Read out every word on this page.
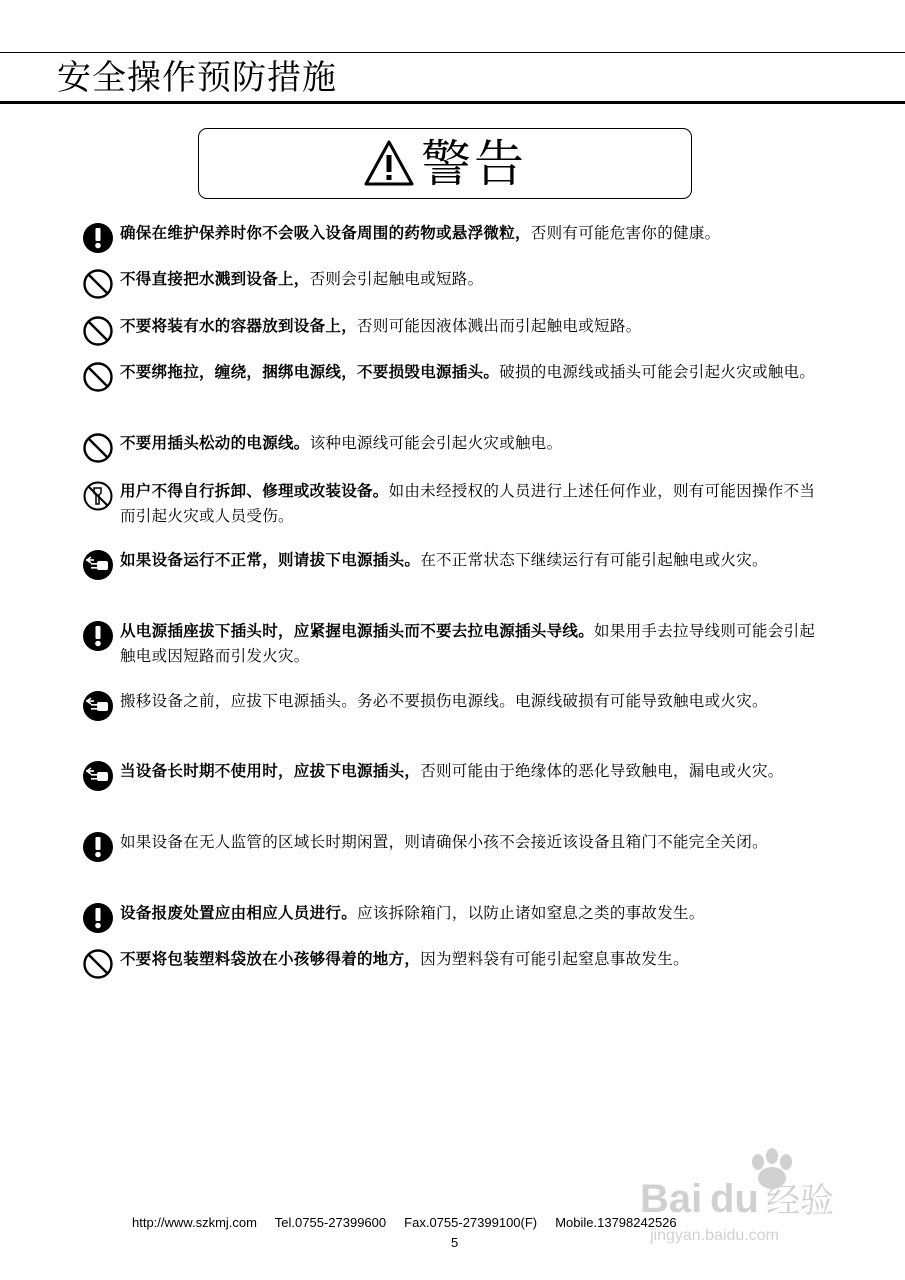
安全操作预防措施
警告
确保在维护保养时你不会吸入设备周围的药物或悬浮微粒，否则有可能危害你的健康。
不得直接把水溅到设备上，否则会引起触电或短路。
不要将装有水的容器放到设备上，否则可能因液体溅出而引起触电或短路。
不要绑拖拉，缠绕，捆绑电源线，不要损毁电源插头。破损的电源线或插头可能会引起火灾或触电。
不要用插头松动的电源线。该种电源线可能会引起火灾或触电。
用户不得自行拆卸、修理或改装设备。如由未经授权的人员进行上述任何作业，则有可能因操作不当而引起火灾或人员受伤。
如果设备运行不正常，则请拔下电源插头。在不正常状态下继续运行有可能引起触电或火灾。
从电源插座拔下插头时，应紧握电源插头而不要去拉电源插头导线。如果用手去拉导线则可能会引起触电或因短路而引发火灾。
搬移设备之前，应拔下电源插头。务必不要损伤电源线。电源线破损有可能导致触电或火灾。
当设备长时期不使用时，应拔下电源插头，否则可能由于绝缘体的恶化导致触电，漏电或火灾。
如果设备在无人监管的区域长时期闲置，则请确保小孩不会接近该设备且箱门不能完全关闭。
设备报废处置应由相应人员进行。应该拆除箱门，以防止诸如窒息之类的事故发生。
不要将包装塑料袋放在小孩够得着的地方，因为塑料袋有可能引起窒息事故发生。
http://www.szkmj.com     Tel.0755-27399600     Fax.0755-27399100(F)     Mobile.13798242526
5
Bai du 经验
jingyan.baidu.com
